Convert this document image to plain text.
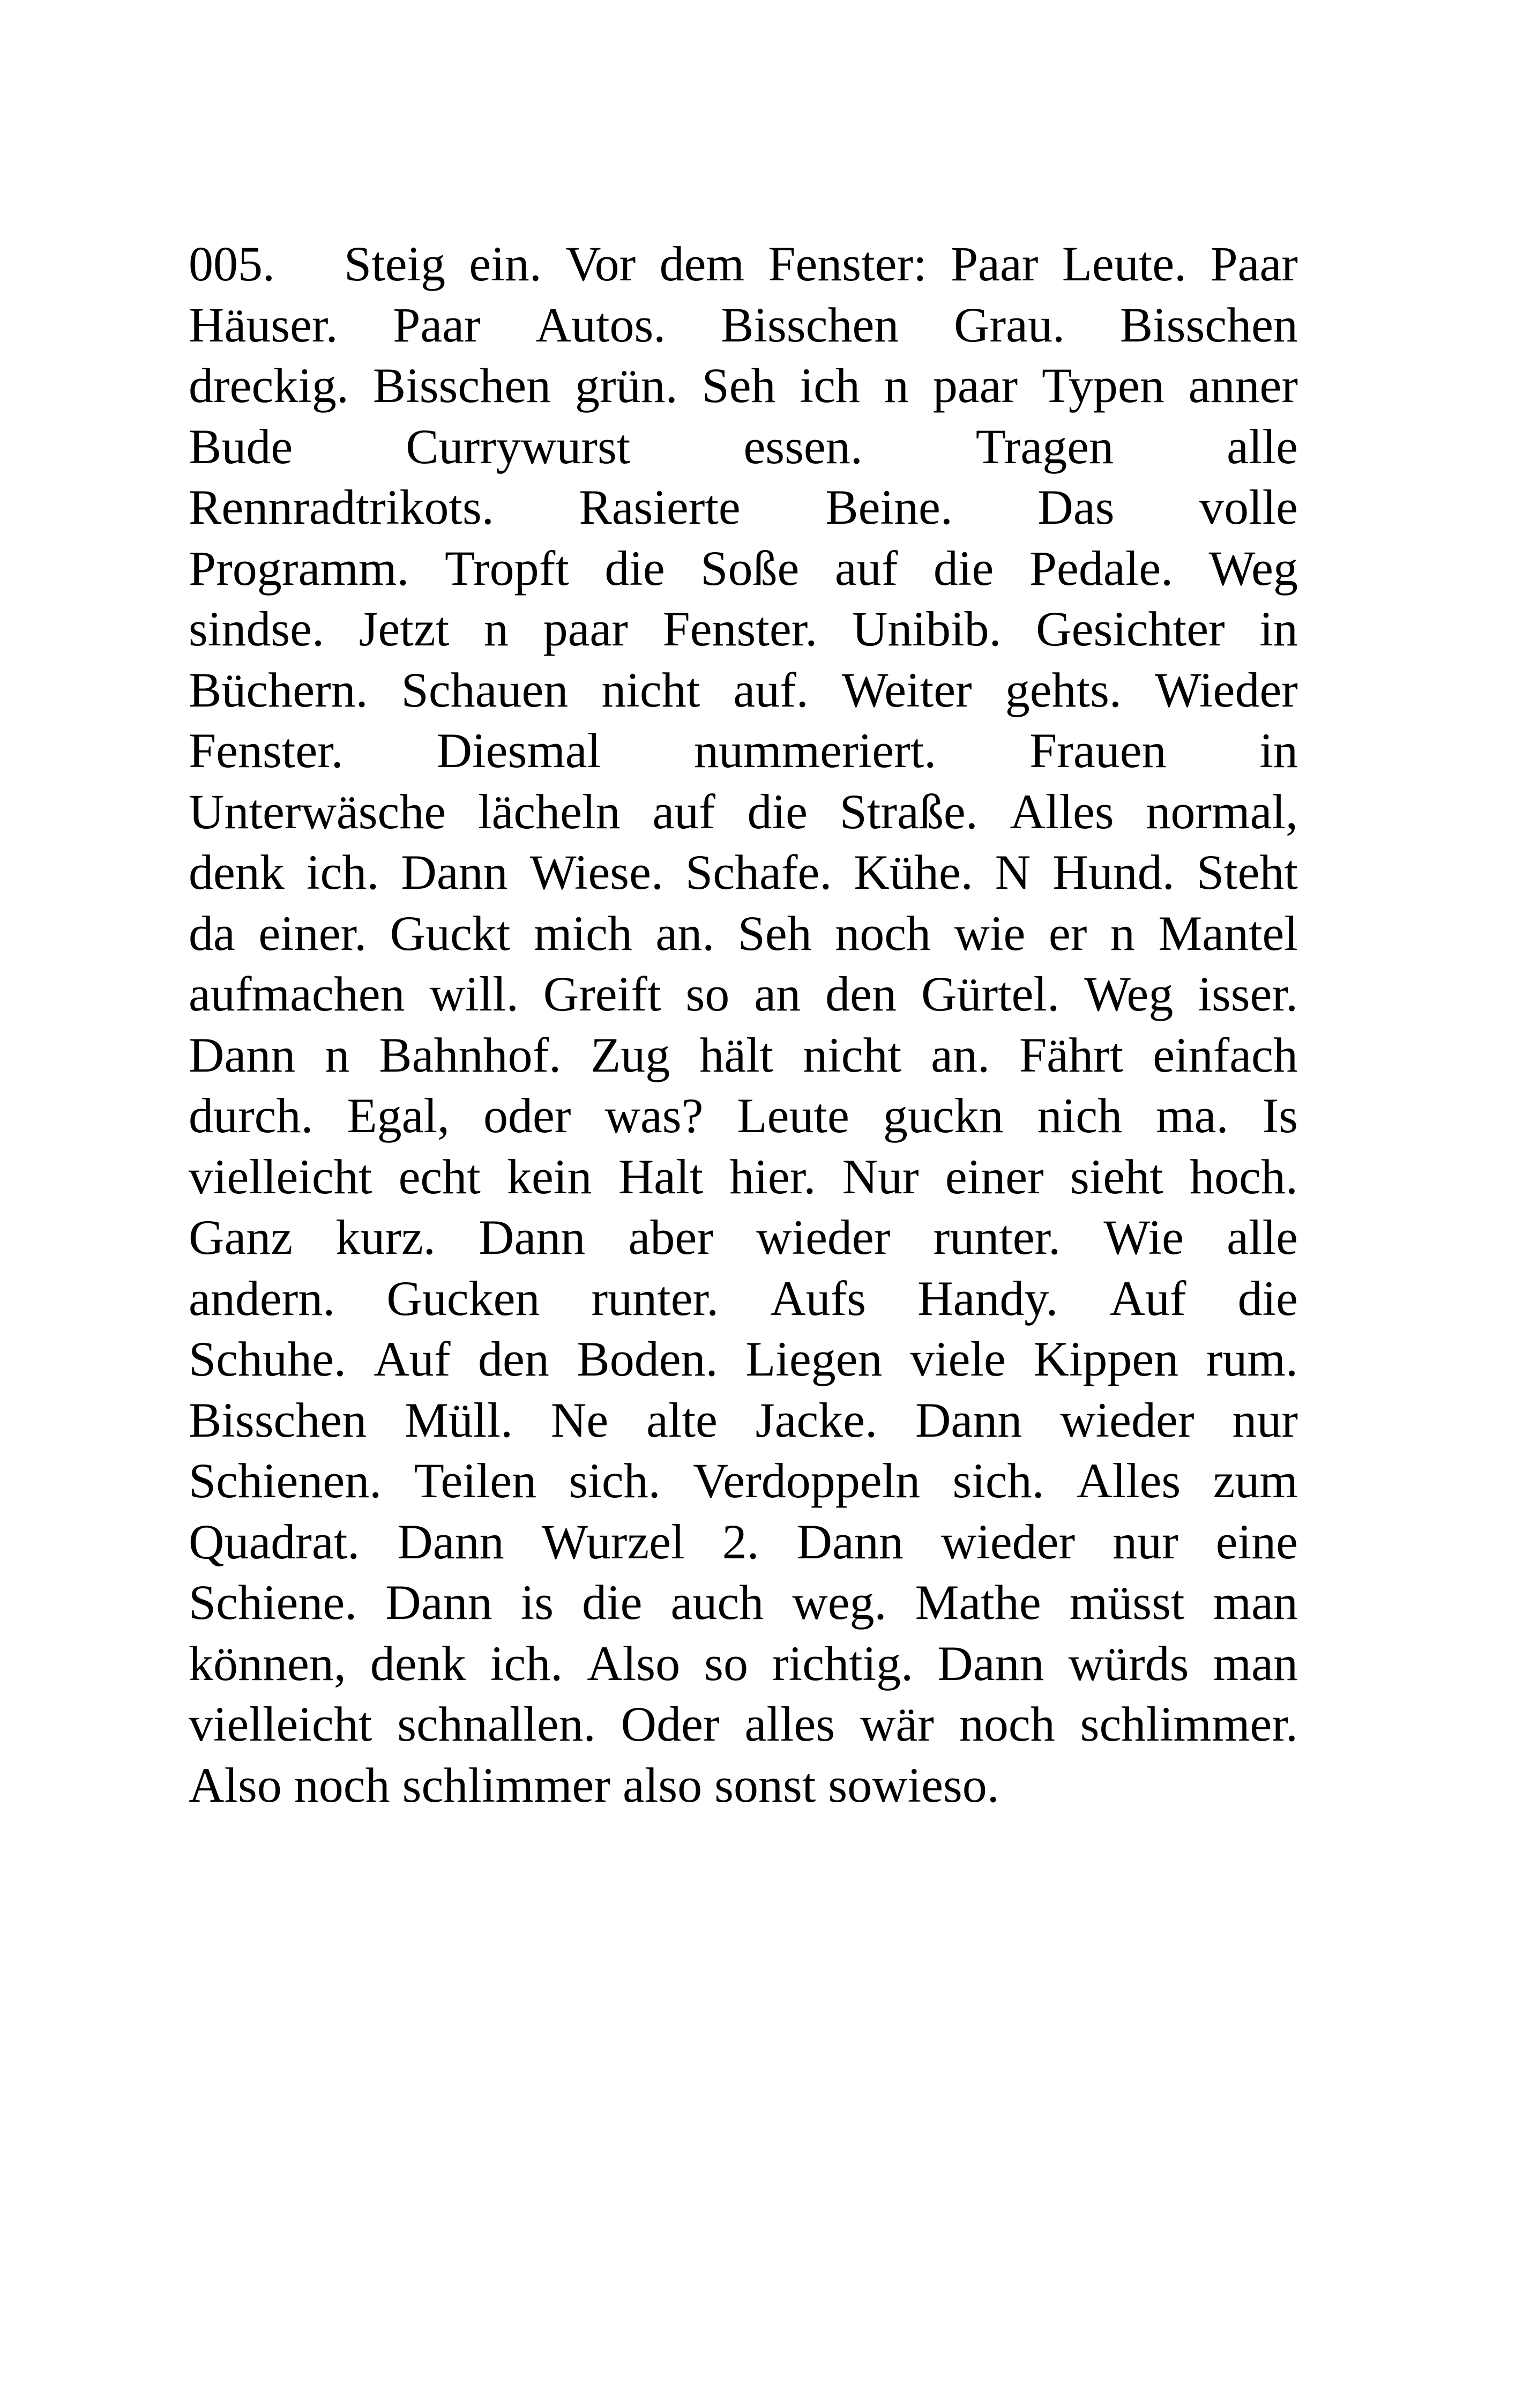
005.	Steig ein. Vor dem Fenster: Paar Leute. Paar
Häuser. Paar Autos. Bisschen Grau. Bisschen
dreckig. Bisschen grün. Seh ich n paar Typen anner
Bude Currywurst essen. Tragen alle
Rennradtrikots. Rasierte Beine. Das volle
Programm. Tropft die Soße auf die Pedale. Weg
sindse. Jetzt n paar Fenster. Unibib. Gesichter in
Büchern. Schauen nicht auf. Weiter gehts. Wieder
Fenster. Diesmal nummeriert. Frauen in
Unterwäsche lächeln auf die Straße. Alles normal,
denk ich. Dann Wiese. Schafe. Kühe. N Hund. Steht
da einer. Guckt mich an. Seh noch wie er n Mantel
aufmachen will. Greift so an den Gürtel. Weg isser.
Dann n Bahnhof. Zug hält nicht an. Fährt einfach
durch. Egal, oder was? Leute guckn nich ma. Is
vielleicht echt kein Halt hier. Nur einer sieht hoch.
Ganz kurz. Dann aber wieder runter. Wie alle
andern. Gucken runter. Aufs Handy. Auf die
Schuhe. Auf den Boden. Liegen viele Kippen rum.
Bisschen Müll. Ne alte Jacke. Dann wieder nur
Schienen. Teilen sich. Verdoppeln sich. Alles zum
Quadrat. Dann Wurzel 2. Dann wieder nur eine
Schiene. Dann is die auch weg. Mathe müsst man
können, denk ich. Also so richtig. Dann würds man
vielleicht schnallen. Oder alles wär noch schlimmer.
Also noch schlimmer also sonst sowieso.
